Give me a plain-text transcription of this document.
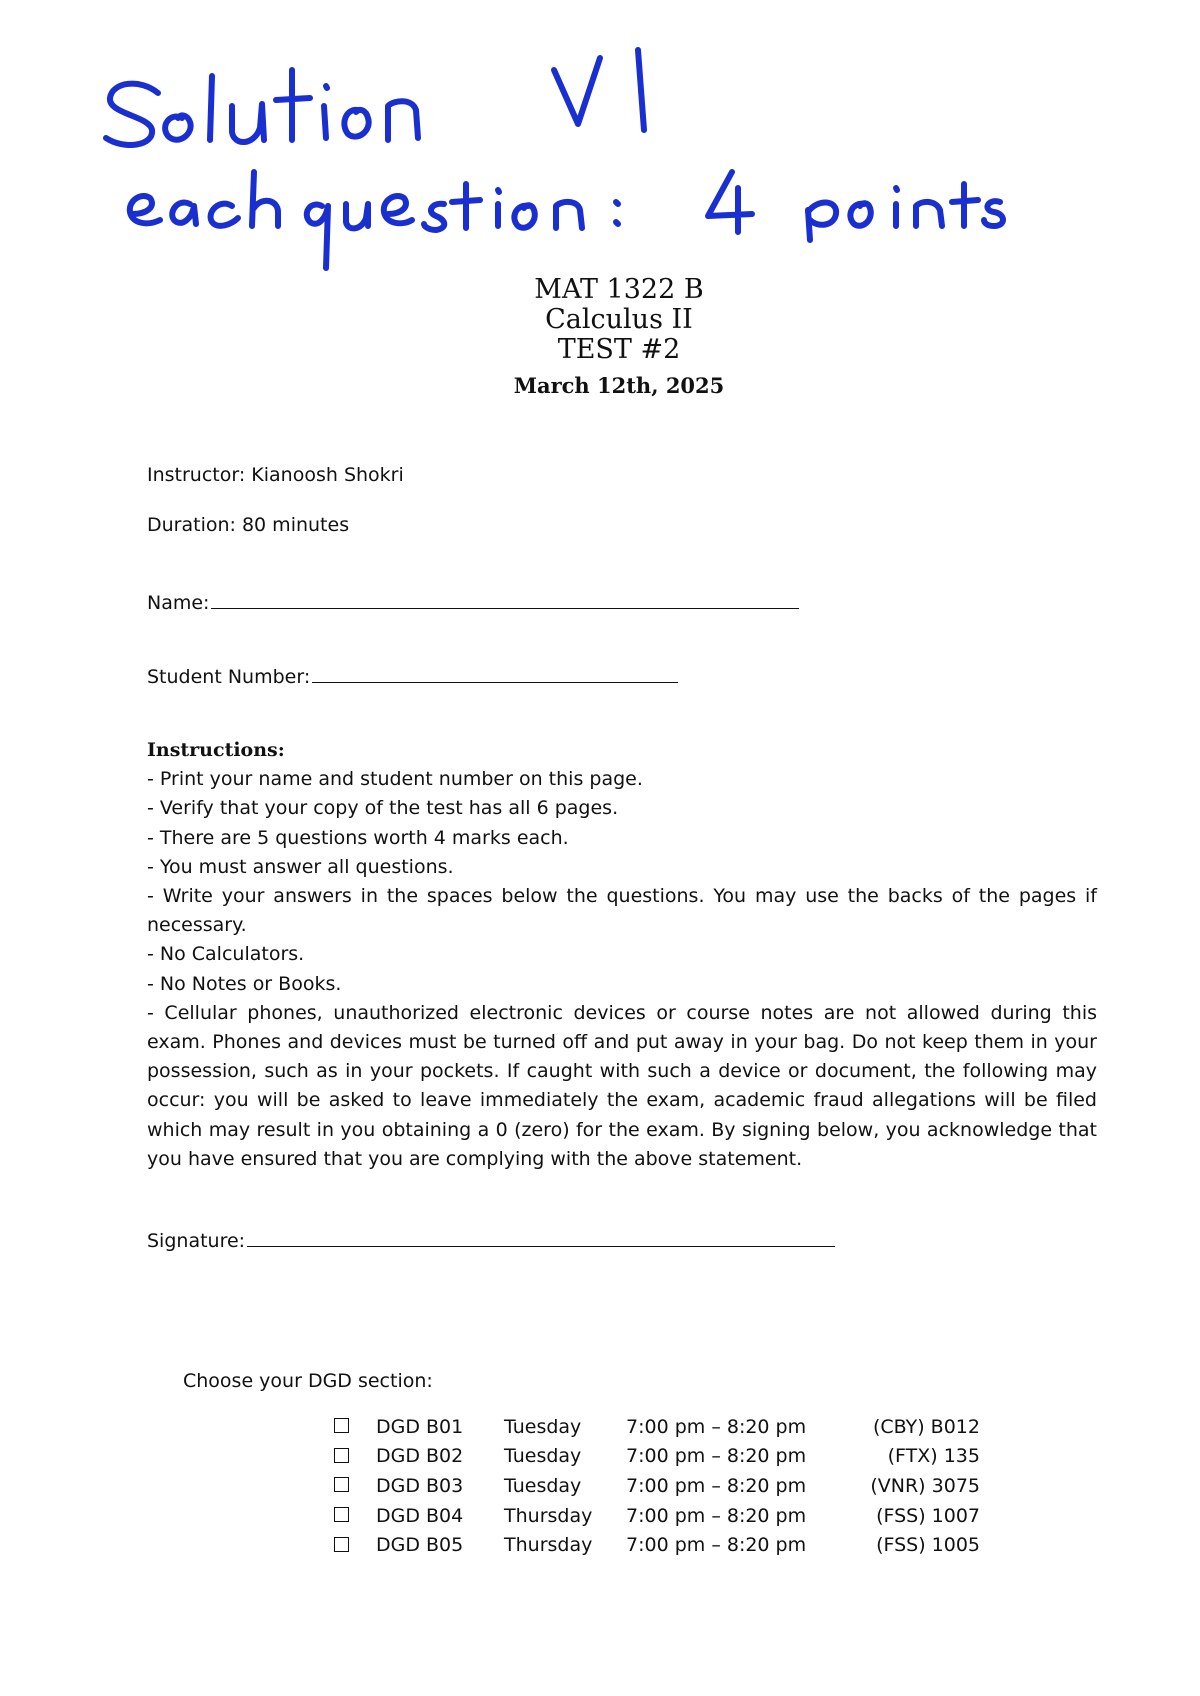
MAT 1322 B
Calculus II
TEST #2
March 12th, 2025
Instructor: Kianoosh Shokri
Duration: 80 minutes
Name:
Student Number:
Instructions:
- Print your name and student number on this page.
- Verify that your copy of the test has all 6 pages.
- There are 5 questions worth 4 marks each.
- You must answer all questions.
- Write your answers in the spaces below the questions. You may use the backs of the pages if necessary.
- No Calculators.
- No Notes or Books.
- Cellular phones, unauthorized electronic devices or course notes are not allowed during this exam. Phones and devices must be turned off and put away in your bag. Do not keep them in your possession, such as in your pockets. If caught with such a device or document, the following may occur: you will be asked to leave immediately the exam, academic fraud allegations will be filed which may result in you obtaining a 0 (zero) for the exam. By signing below, you acknowledge that you have ensured that you are complying with the above statement.
Signature:
Choose your DGD section:
	DGD B01	Tuesday	7:00 pm – 8:20 pm	(CBY) B012
	DGD B02	Tuesday	7:00 pm – 8:20 pm	(FTX) 135
	DGD B03	Tuesday	7:00 pm – 8:20 pm	(VNR) 3075
	DGD B04	Thursday	7:00 pm – 8:20 pm	(FSS) 1007
	DGD B05	Thursday	7:00 pm – 8:20 pm	(FSS) 1005
